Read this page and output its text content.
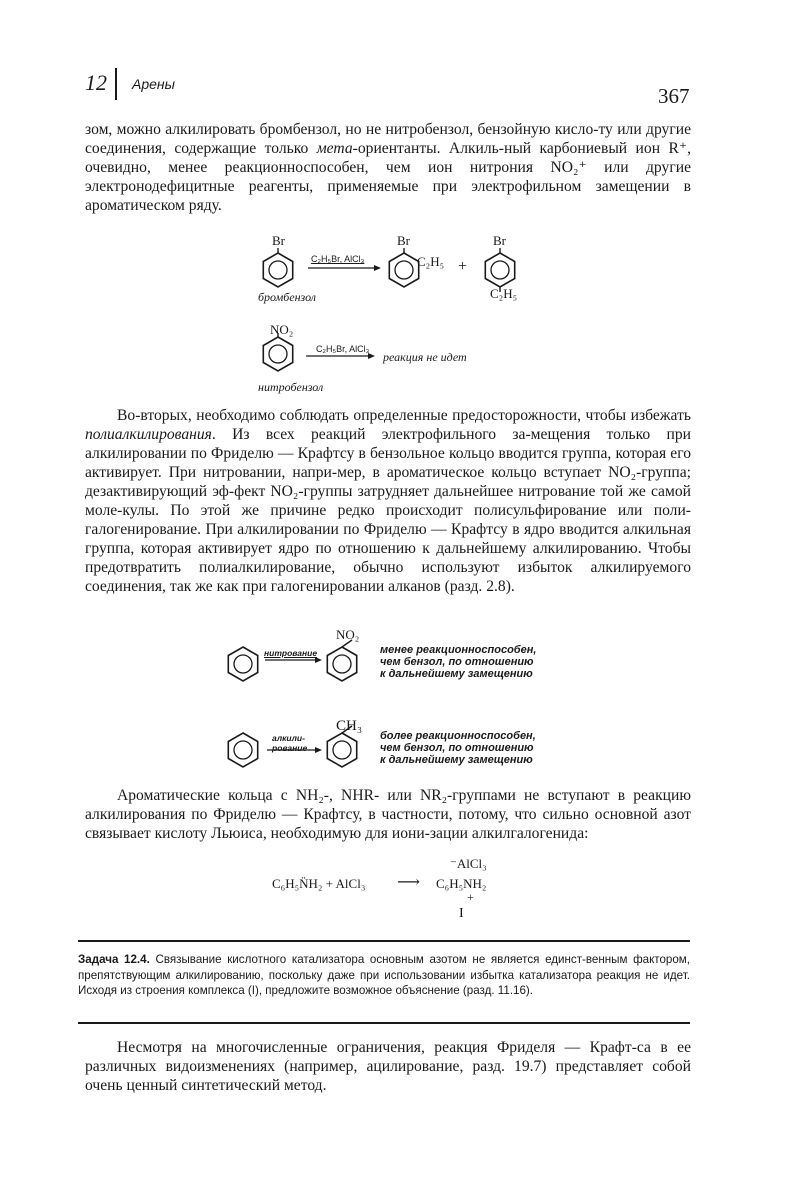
12 Арены	367

зом, можно алкилировать бромбензол, но не нитробензол, бензойную кисло-ту или другие соединения, содержащие только мета-ориентанты. Алкиль-ный карбониевый ион R⁺, очевидно, менее реакционноспособен, чем ион нитрония NO₂⁺ или другие электронодефицитные реагенты, применяемые при электрофильном замещении в ароматическом ряду.

Br
C₂H₅Br, AlCl₃
Br
C₂H₅ +
Br
C₂H₅
бромбензол
NO₂
C₂H₅Br, AlCl₃
реакция не идет
нитробензол

Во-вторых, необходимо соблюдать определенные предосторожности, чтобы избежать полиалкилирования. Из всех реакций электрофильного за-мещения только при алкилировании по Фриделю — Крафтсу в бензольное кольцо вводится группа, которая его активирует. При нитровании, напри-мер, в ароматическое кольцо вступает NO₂-группа; дезактивирующий эф-фект NO₂-группы затрудняет дальнейшее нитрование той же самой моле-кулы. По этой же причине редко происходит полисульфирование или поли-галогенирование. При алкилировании по Фриделю — Крафтсу в ядро вводится алкильная группа, которая активирует ядро по отношению к дальнейшему алкилированию. Чтобы предотвратить полиалкилирование, обычно используют избыток алкилируемого соединения, так же как при галогенировании алканов (разд. 2.8).

нитрование
NO₂
менее реакционноспособен,
чем бензол, по отношению
к дальнейшему замещению
алкили-
рование
CH₃
более реакционноспособен,
чем бензол, по отношению
к дальнейшему замещению

Ароматические кольца с NH₂-, NHR- или NR₂-группами не вступают в реакцию алкилирования по Фриделю — Крафтсу, в частности, потому, что сильно основной азот связывает кислоту Льюиса, необходимую для иони-зации алкилгалогенида:

⁻AlCl₃
C₆H₅N̈H₂ + AlCl₃ ⟶ C₆H₅NH₂
+
I
Задача 12.4. Связывание кислотного катализатора основным азотом не является единст-венным фактором, препятствующим алкилированию, поскольку даже при использовании избытка катализатора реакция не идет. Исходя из строения комплекса (I), предложите возможное объяснение (разд. 11.16).

Несмотря на многочисленные ограничения, реакция Фриделя — Крафт-са в ее различных видоизменениях (например, ацилирование, разд. 19.7) представляет собой очень ценный синтетический метод.
